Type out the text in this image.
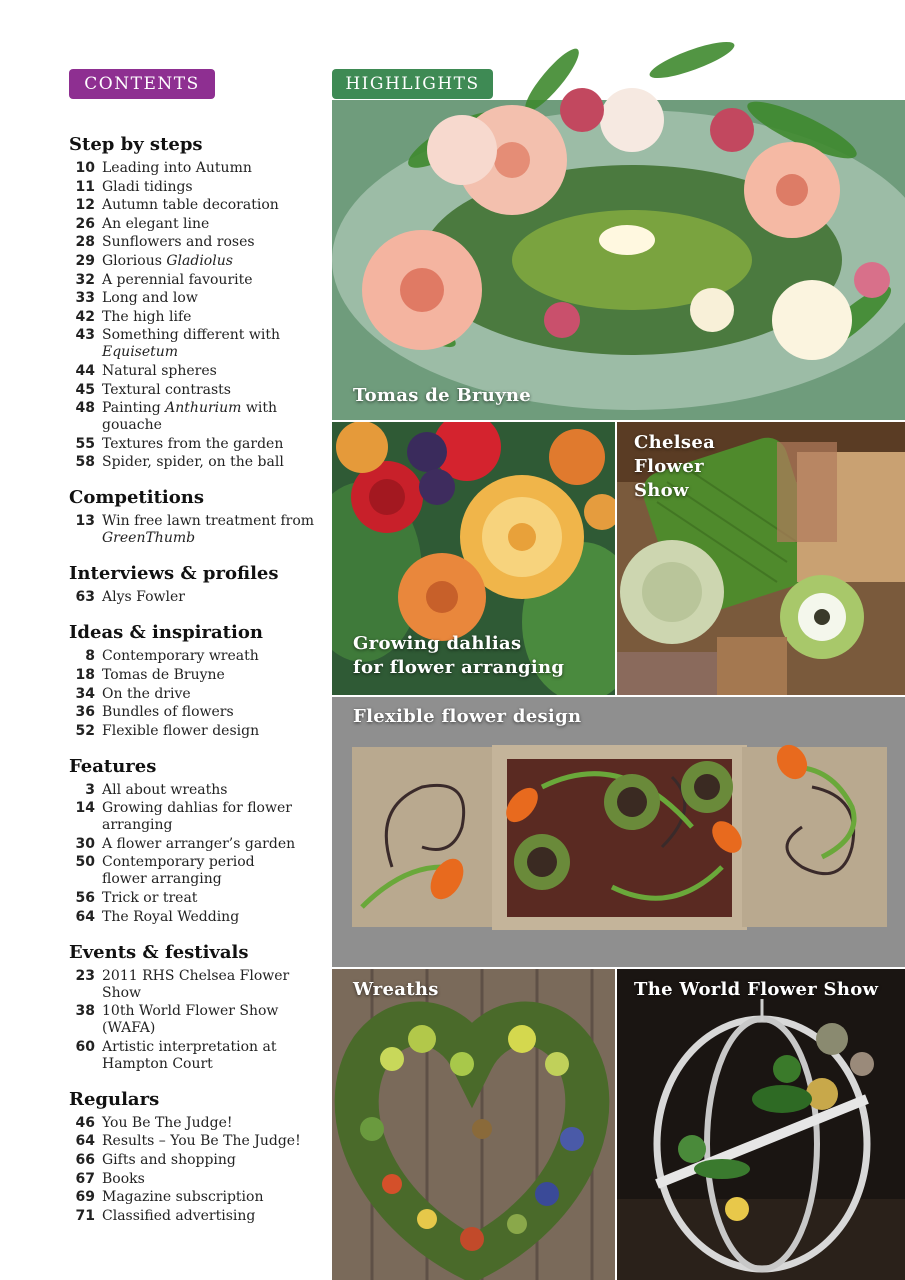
CONTENTS
Step by steps
10 Leading into Autumn
11 Gladi tidings
12 Autumn table decoration
26 An elegant line
28 Sunflowers and roses
29 Glorious Gladiolus
32 A perennial favourite
33 Long and low
42 The high life
43 Something different with
Equisetum
44 Natural spheres
45 Textural contrasts
48 Painting Anthurium with gouache
55 Textures from the garden
58 Spider, spider, on the ball
Competitions
13 Win free lawn treatment from
GreenThumb
Interviews & profiles
63 Alys Fowler
Ideas & inspiration
8 Contemporary wreath
18 Tomas de Bruyne
34 On the drive
36 Bundles of flowers
52 Flexible flower design
Features
3 All about wreaths
14 Growing dahlias for flower
arranging
30 A flower arranger’s garden
50 Contemporary period
flower arranging
56 Trick or treat
64 The Royal Wedding
Events & festivals
23 2011 RHS Chelsea Flower Show
38 10th World Flower Show (WAFA)
60 Artistic interpretation at
Hampton Court
Regulars
46 You Be The Judge!
64 Results – You Be The Judge!
66 Gifts and shopping
67 Books
69 Magazine subscription
71 Classified advertising
Tomas de Bruyne
HIGHLIGHTS
Growing dahlias
for flower arranging
Chelsea
Flower
Show
Flexible flower design
Wreaths	The World Flower Show
